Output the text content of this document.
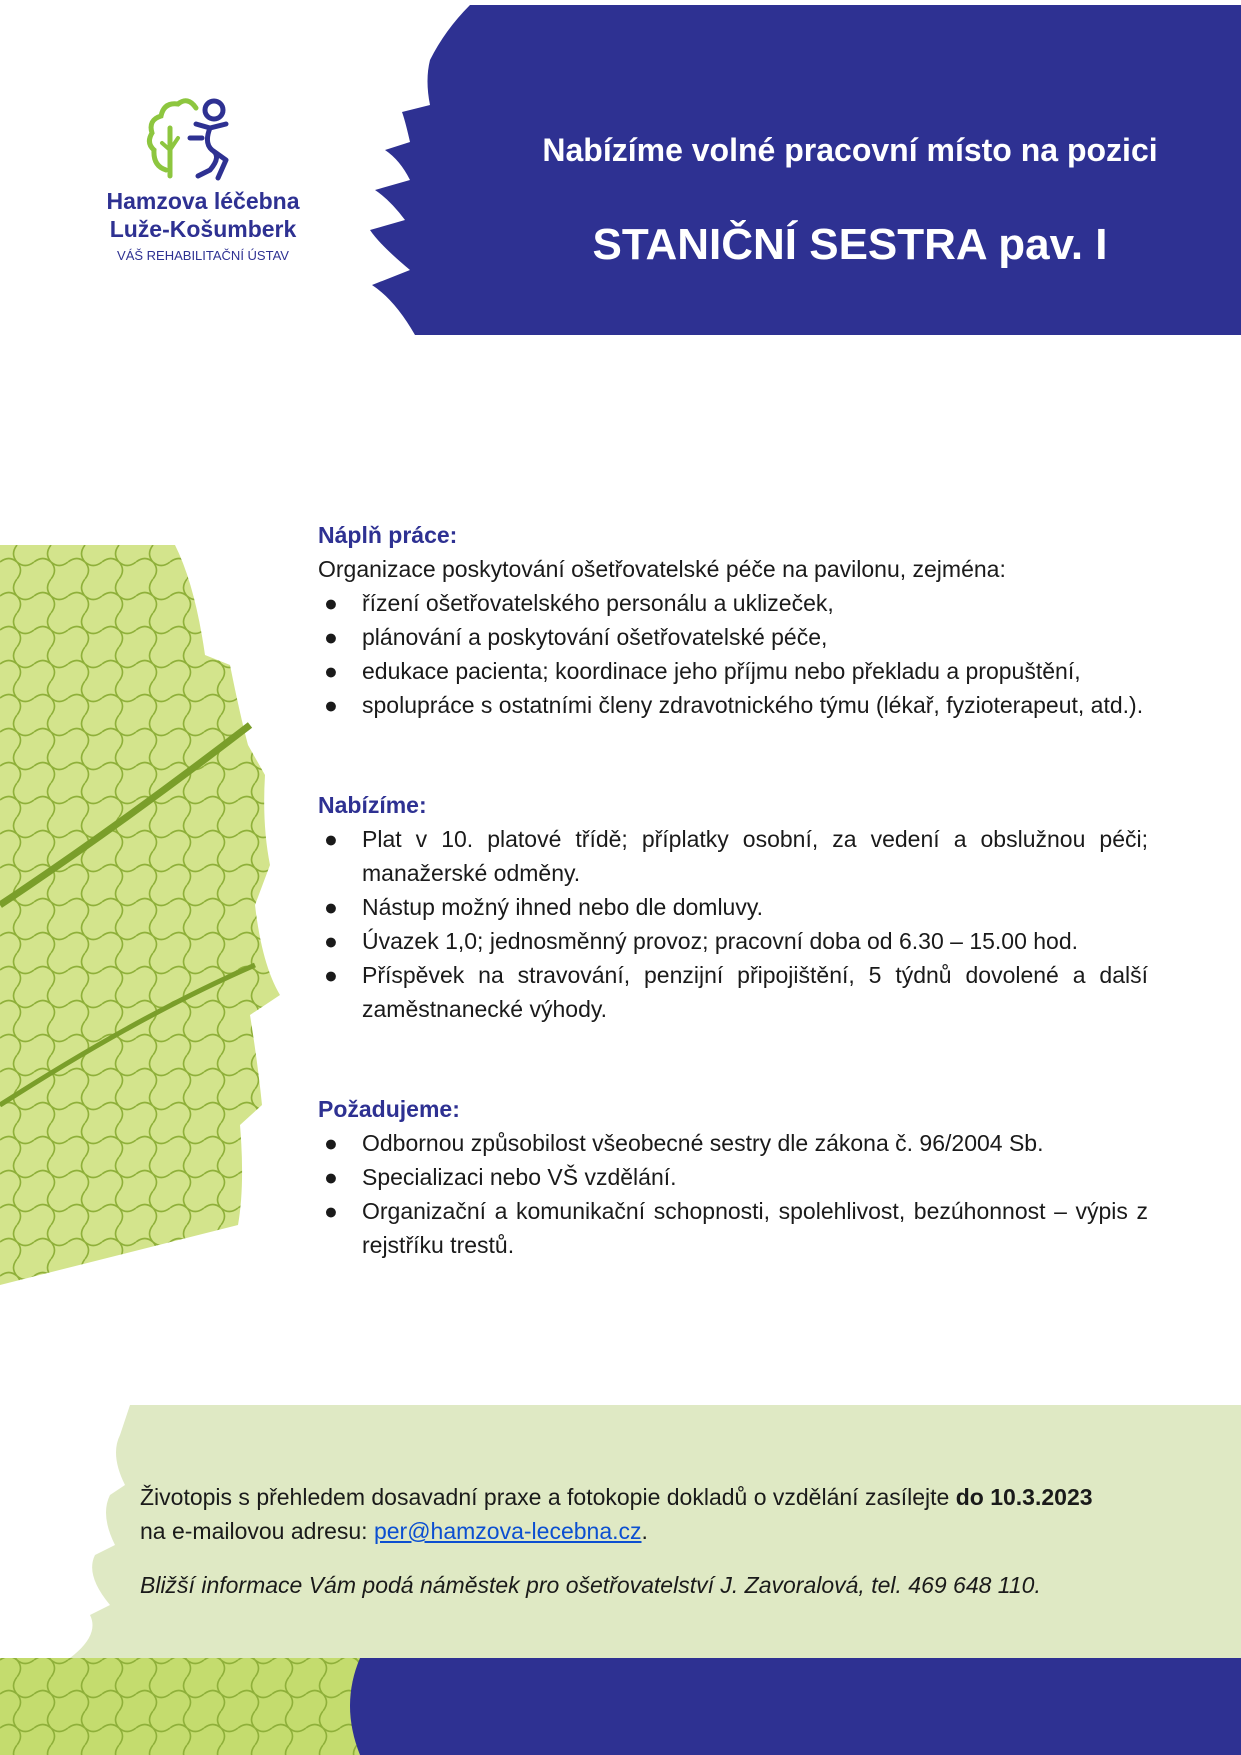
Nabízíme volné pracovní místo na pozici
STANIČNÍ SESTRA pav. I
Hamzova léčebna
Luže-Košumberk
VÁŠ REHABILITAČNÍ ÚSTAV
Náplň práce:
Organizace poskytování ošetřovatelské péče na pavilonu, zejména:
● řízení ošetřovatelského personálu a uklizeček,
● plánování a poskytování ošetřovatelské péče,
● edukace pacienta; koordinace jeho příjmu nebo překladu a propuštění,
● spolupráce s ostatními členy zdravotnického týmu (lékař, fyzioterapeut, atd.).
Nabízíme:
● Plat v 10. platové třídě; příplatky osobní, za vedení a obslužnou péči; manažerské odměny.
● Nástup možný ihned nebo dle domluvy.
● Úvazek 1,0; jednosměnný provoz; pracovní doba od 6.30 – 15.00 hod.
● Příspěvek na stravování, penzijní připojištění, 5 týdnů dovolené a další zaměstnanecké výhody.
Požadujeme:
● Odbornou způsobilost všeobecné sestry dle zákona č. 96/2004 Sb.
● Specializaci nebo VŠ vzdělání.
● Organizační a komunikační schopnosti, spolehlivost, bezúhonnost – výpis z rejstříku trestů.
Životopis s přehledem dosavadní praxe a fotokopie dokladů o vzdělání zasílejte do 10.3.2023
na e-mailovou adresu: per@hamzova-lecebna.cz.
Bližší informace Vám podá náměstek pro ošetřovatelství J. Zavoralová, tel. 469 648 110.
